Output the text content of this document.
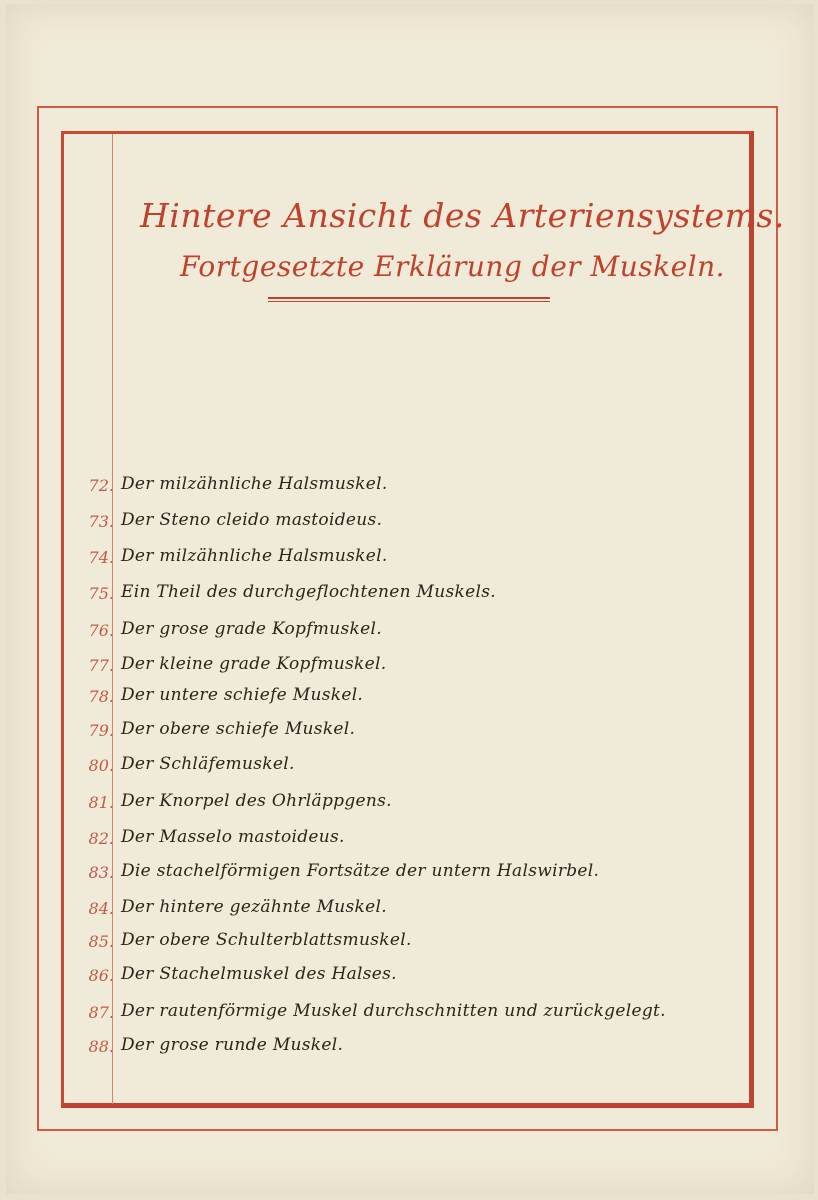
Hintere Ansicht des Arteriensystems.
Fortgesetzte Erklärung der Muskeln.
72. Der milzähnliche Halsmuskel.
73. Der Steno cleido mastoideus.
74. Der milzähnliche Halsmuskel.
75. Ein Theil des durchgeflochtenen Muskels.
76. Der grose grade Kopfmuskel.
77. Der kleine grade Kopfmuskel.
78. Der untere schiefe Muskel.
79. Der obere schiefe Muskel.
80. Der Schläfemuskel.
81. Der Knorpel des Ohrläppgens.
82. Der Masselo mastoideus.
83. Die stachelförmigen Fortsätze der untern Halswirbel.
84. Der hintere gezähnte Muskel.
85. Der obere Schulterblattsmuskel.
86. Der Stachelmuskel des Halses.
87. Der rautenförmige Muskel durchschnitten und zurückgelegt.
88. Der grose runde Muskel.
